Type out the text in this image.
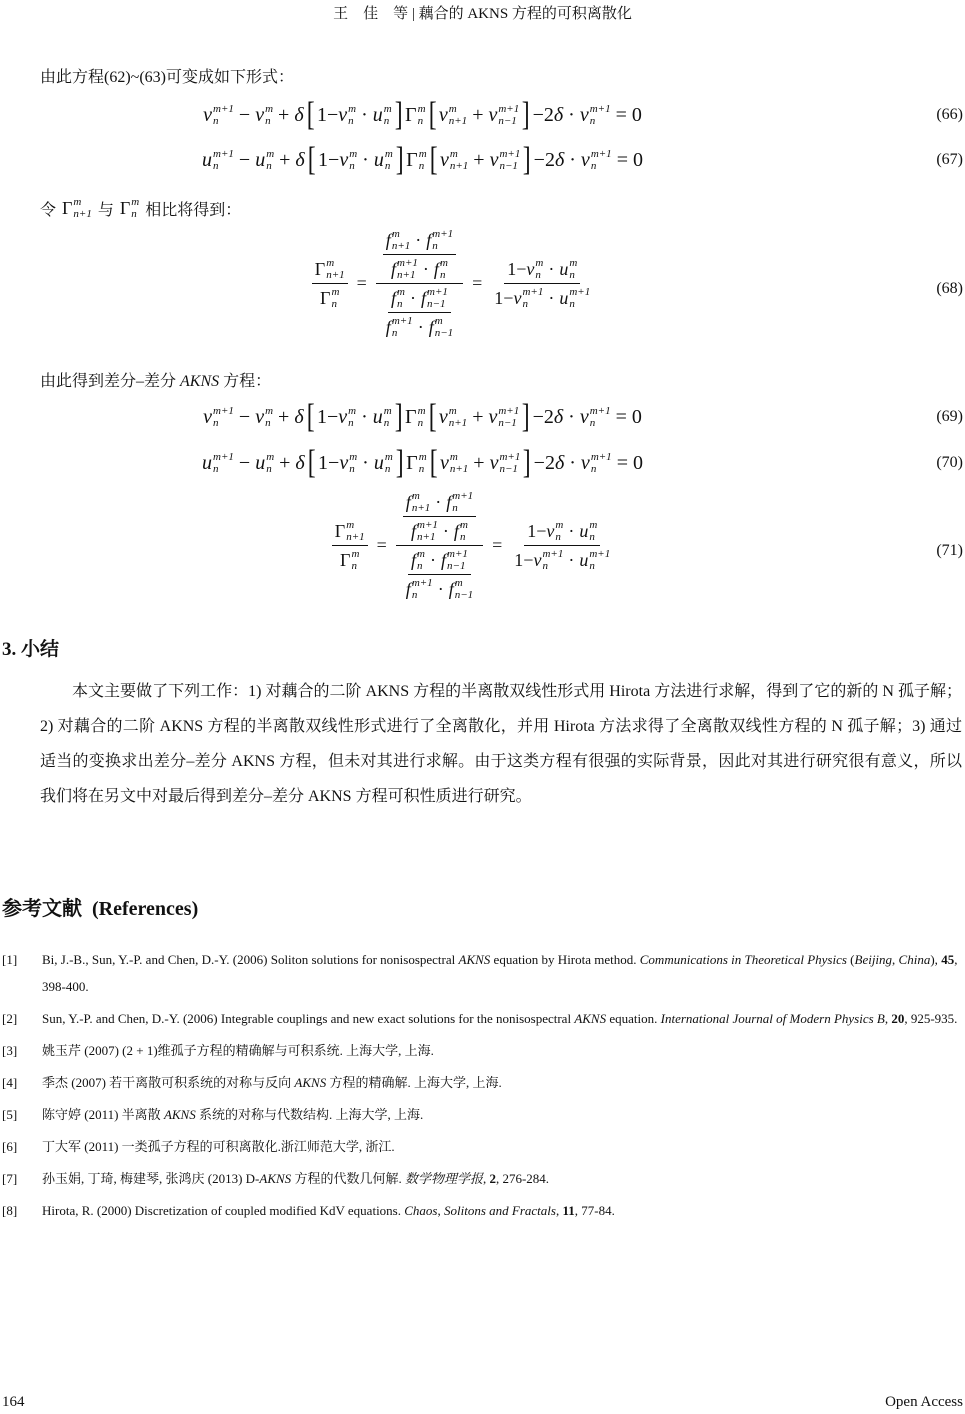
王　佳　等 | 藕合的 AKNS 方程的可积离散化
由此方程(62)~(63)可变成如下形式：
v m+1
n	− v m
n + δ [ 1− v m
n · u m
n ] Γ m
n [ v m
n+1 + v m+1
n−1 ] −2 δ · v m+1
n	= 0	(66)
u m+1
n	− u m
n + δ [ 1− v m
n · u m
n ] Γ m
n [ v m
n+1 + v m+1
n−1 ] −2 δ · v m+1
n	= 0	(67)
令 Γ m
n+1 与 Γ m
n 相比将得到：
Γ m
n+1
Γ m
n = f m
n+1 · f m+1
n
f m+1
n+1 · f m
n
f m
n · f m+1
n−1
f m+1
n	· f m
n−1 = 1− v m
n · u m
n
1− v m+1
n	· u m+1
n	(68)
由此得到差分–差分 AKNS 方程：
v m+1
n	− v m
n + δ [ 1− v m
n · u m
n ] Γ m
n [ v m
n+1 + v m+1
n−1 ] −2 δ · v m+1
n	= 0	(69)
u m+1
n	− u m
n + δ [ 1− v m
n · u m
n ] Γ m
n [ v m
n+1 + v m+1
n−1 ] −2 δ · v m+1
n	= 0	(70)
Γ m
n+1
Γ m
n = f m
n+1 · f m+1
n
f m+1
n+1 · f m
n
f m
n · f m+1
n−1
f m+1
n	· f m
n−1 = 1− v m
n · u m
n
1− v m+1
n	· u m+1
n	(71)
3. 小结
本文主要做了下列工作：1) 对藕合的二阶 AKNS 方程的半离散双线性形式用 Hirota 方法进行求解，得到了它的新的 N 孤子解；2) 对藕合的二阶 AKNS 方程的半离散双线性形式进行了全离散化，并用 Hirota 方法求得了全离散双线性方程的 N 孤子解；3) 通过适当的变换求出差分–差分 AKNS 方程，但未对其进行求解。由于这类方程有很强的实际背景，因此对其进行研究很有意义，所以我们将在另文中对最后得到差分–差分 AKNS 方程可积性质进行研究。
参考文献 (References)
[1] Bi, J.-B., Sun, Y.-P. and Chen, D.-Y. (2006) Soliton solutions for nonisospectral AKNS equation by Hirota method. Communications in Theoretical Physics (Beijing, China), 45, 398-400.
[2] Sun, Y.-P. and Chen, D.-Y. (2006) Integrable couplings and new exact solutions for the nonisospectral AKNS equation. International Journal of Modern Physics B, 20, 925-935.
[3] 姚玉芹 (2007) (2 + 1)维孤子方程的精确解与可积系统. 上海大学, 上海.
[4] 季杰 (2007) 若干离散可积系统的对称与反向 AKNS 方程的精确解. 上海大学, 上海.
[5] 陈守婷 (2011) 半离散 AKNS 系统的对称与代数结构. 上海大学, 上海.
[6] 丁大军 (2011) 一类孤子方程的可积离散化.浙江师范大学, 浙江.
[7] 孙玉娟, 丁琦, 梅建琴, 张鸿庆 (2013) D-AKNS 方程的代数几何解. 数学物理学报, 2, 276-284.
[8] Hirota, R. (2000) Discretization of coupled modified KdV equations. Chaos, Solitons and Fractals, 11, 77-84.
164	Open Access
